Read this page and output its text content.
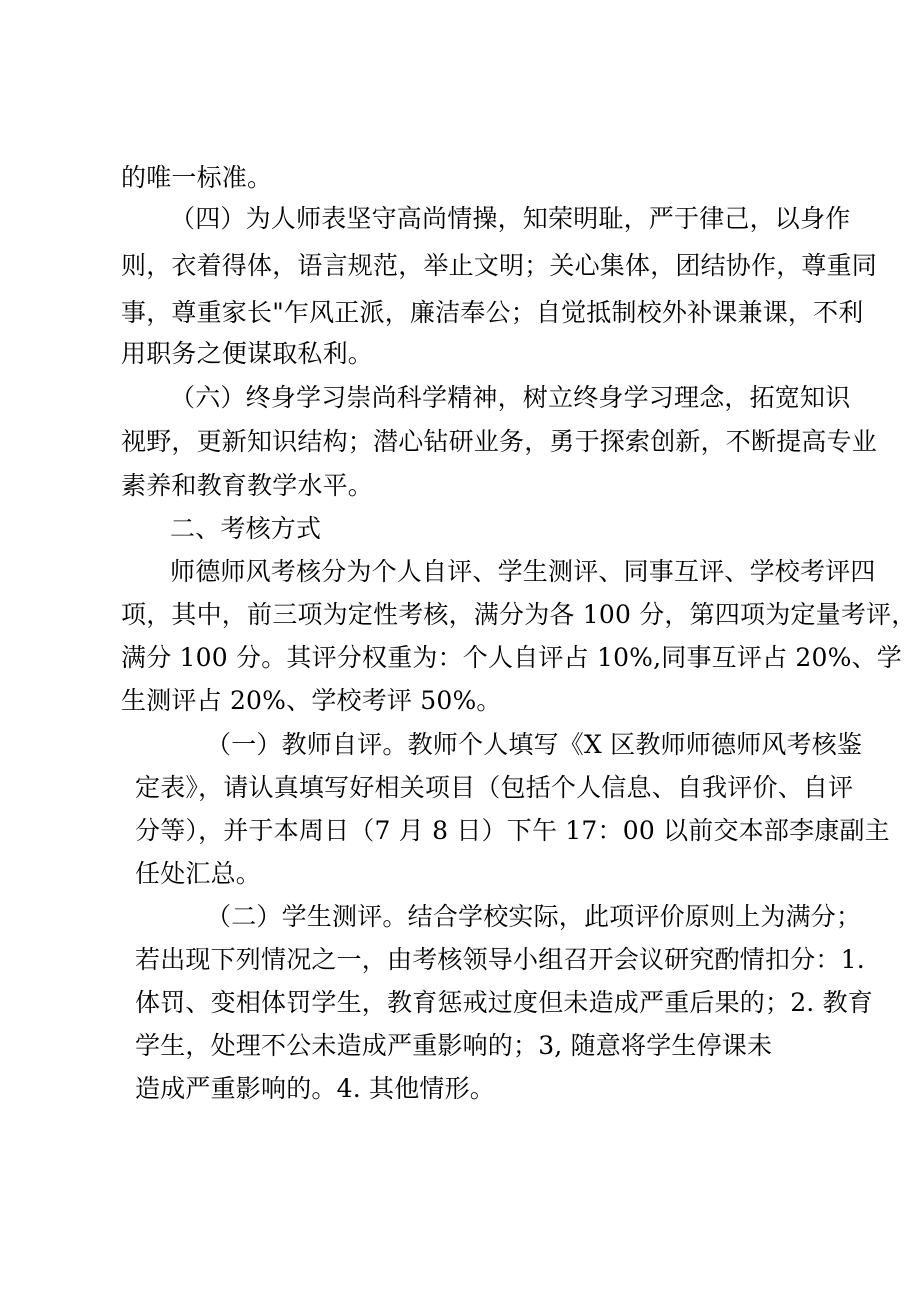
的唯一标准。
（四）为人师表坚守高尚情操，知荣明耻，严于律己，以身作
则，衣着得体，语言规范，举止文明；关心集体，团结协作，尊重同
事，尊重家长"乍风正派，廉洁奉公；自觉抵制校外补课兼课，不利
用职务之便谋取私利。
（六）终身学习崇尚科学精神，树立终身学习理念，拓宽知识
视野，更新知识结构；潜心钻研业务，勇于探索创新，不断提高专业
素养和教育教学水平。
二、考核方式
师德师风考核分为个人自评、学生测评、同事互评、学校考评四
项，其中，前三项为定性考核，满分为各 100 分，第四项为定量考评，
满分 100 分。其评分权重为：个人自评占 10%,同事互评占 20%、学
生测评占 20%、学校考评 50%。
（一）教师自评。教师个人填写《X 区教师师德师风考核鉴
定表》，请认真填写好相关项目（包括个人信息、自我评价、自评
分等），并于本周日（7 月 8 日）下午 17：00 以前交本部李康副主
任处汇总。
（二）学生测评。结合学校实际，此项评价原则上为满分；
若出现下列情况之一，由考核领导小组召开会议研究酌情扣分：1.
体罚、变相体罚学生，教育惩戒过度但未造成严重后果的；2. 教育
学生，处理不公未造成严重影响的；3, 随意将学生停课未
造成严重影响的。4. 其他情形。
